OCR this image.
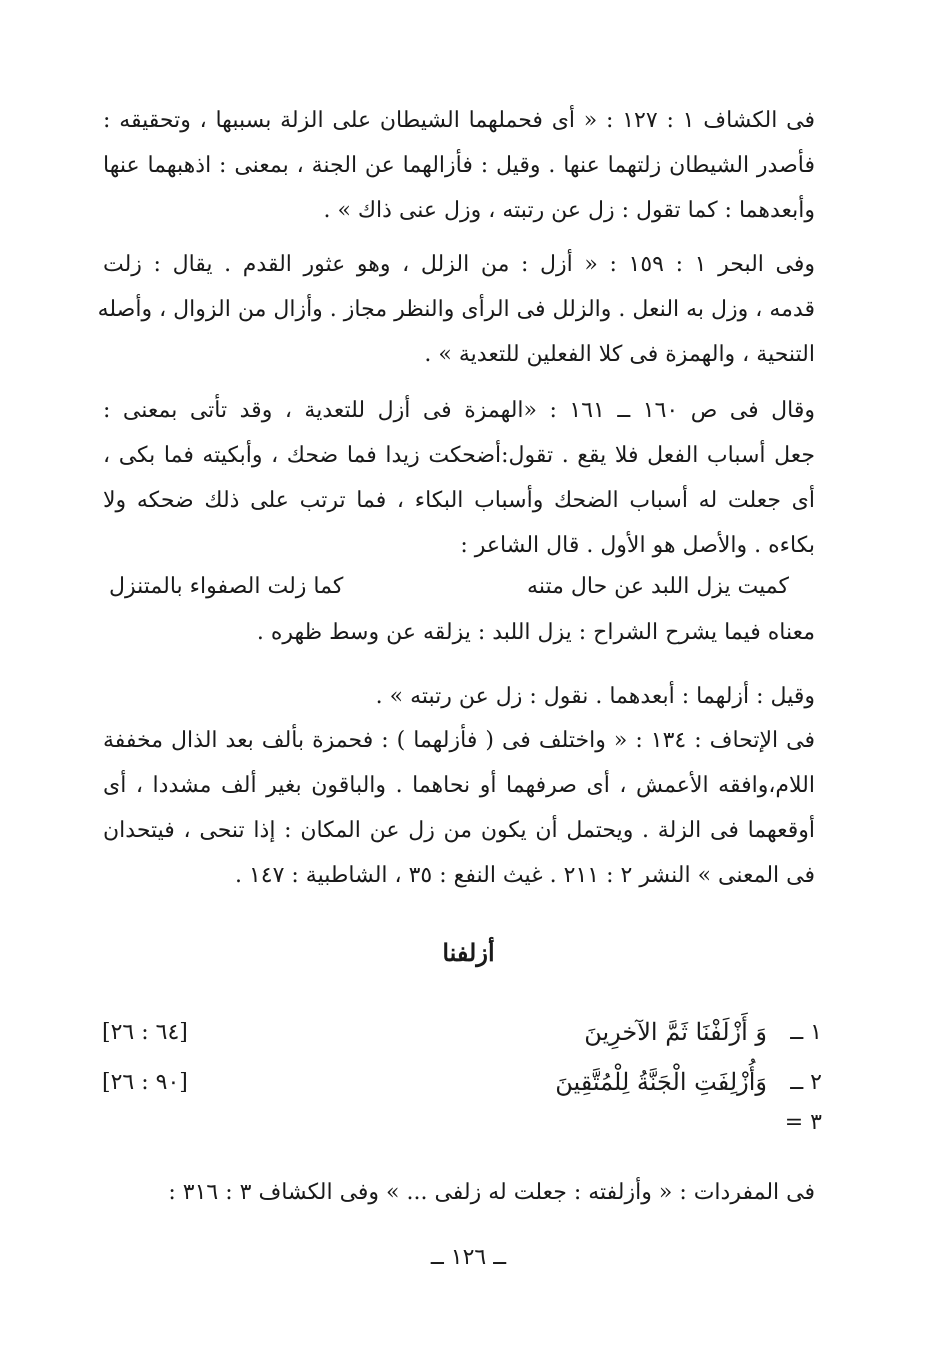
فى الكشاف ١ : ١٢٧ : « أى فحملهما الشيطان على الزلة بسببها ، وتحقيقه :
فأصدر الشيطان زلتهما عنها . وقيل : فأزالهما عن الجنة ، بمعنى : اذهبهما عنها
وأبعدهما : كما تقول : زل عن رتبته ، وزل عنى ذاك » .
وفى البحر ١ : ١٥٩ : « أزل : من الزلل ، وهو عثور القدم . يقال : زلت
قدمه ، وزل به النعل . والزلل فى الرأى والنظر مجاز . وأزال من الزوال ، وأصله
التنحية ، والهمزة فى كلا الفعلين للتعدية » .
وقال فى ص ١٦٠ ــ ١٦١ : «الهمزة فى أزل للتعدية ، وقد تأتى بمعنى :
جعل أسباب الفعل فلا يقع . تقول:أضحكت زيدا فما ضحك ، وأبكيته فما بكى ،
أى جعلت له أسباب الضحك وأسباب البكاء ، فما ترتب على ذلك ضحكه ولا
بكاءه . والأصل هو الأول . قال الشاعر :
كميت يزل اللبد عن حال متنه
كما زلت الصفواء بالمتنزل
معناه فيما يشرح الشراح : يزل اللبد : يزلقه عن وسط ظهره .
وقيل : أزلهما : أبعدهما . نقول : زل عن رتبته » .
فى الإتحاف : ١٣٤ : « واختلف فى ( فأزلهما ) : فحمزة بألف بعد الذال مخففة
اللام،وافقه الأعمش ، أى صرفهما أو نحاهما . والباقون بغير ألف مشددا ، أى
أوقعهما فى الزلة . ويحتمل أن يكون من زل عن المكان : إذا تنحى ، فيتحدان
فى المعنى » النشر ٢ : ٢١١ . غيث النفع : ٣٥ ، الشاطبية : ١٤٧ .
أزلفنا
١ ــ
وَ أَزْلَفْنَا ثَمَّ الآخرِينَ
[٦٤ : ٢٦]
٢ ــ
وَأُزْلِفَتِ الْجَنَّةُ لِلْمُتَّقِينَ
[٩٠ : ٢٦]
٣ =
فى المفردات : « وأزلفته : جعلت له زلفى ... » وفى الكشاف ٣ : ٣١٦ :
ــ ١٢٦ ــ
